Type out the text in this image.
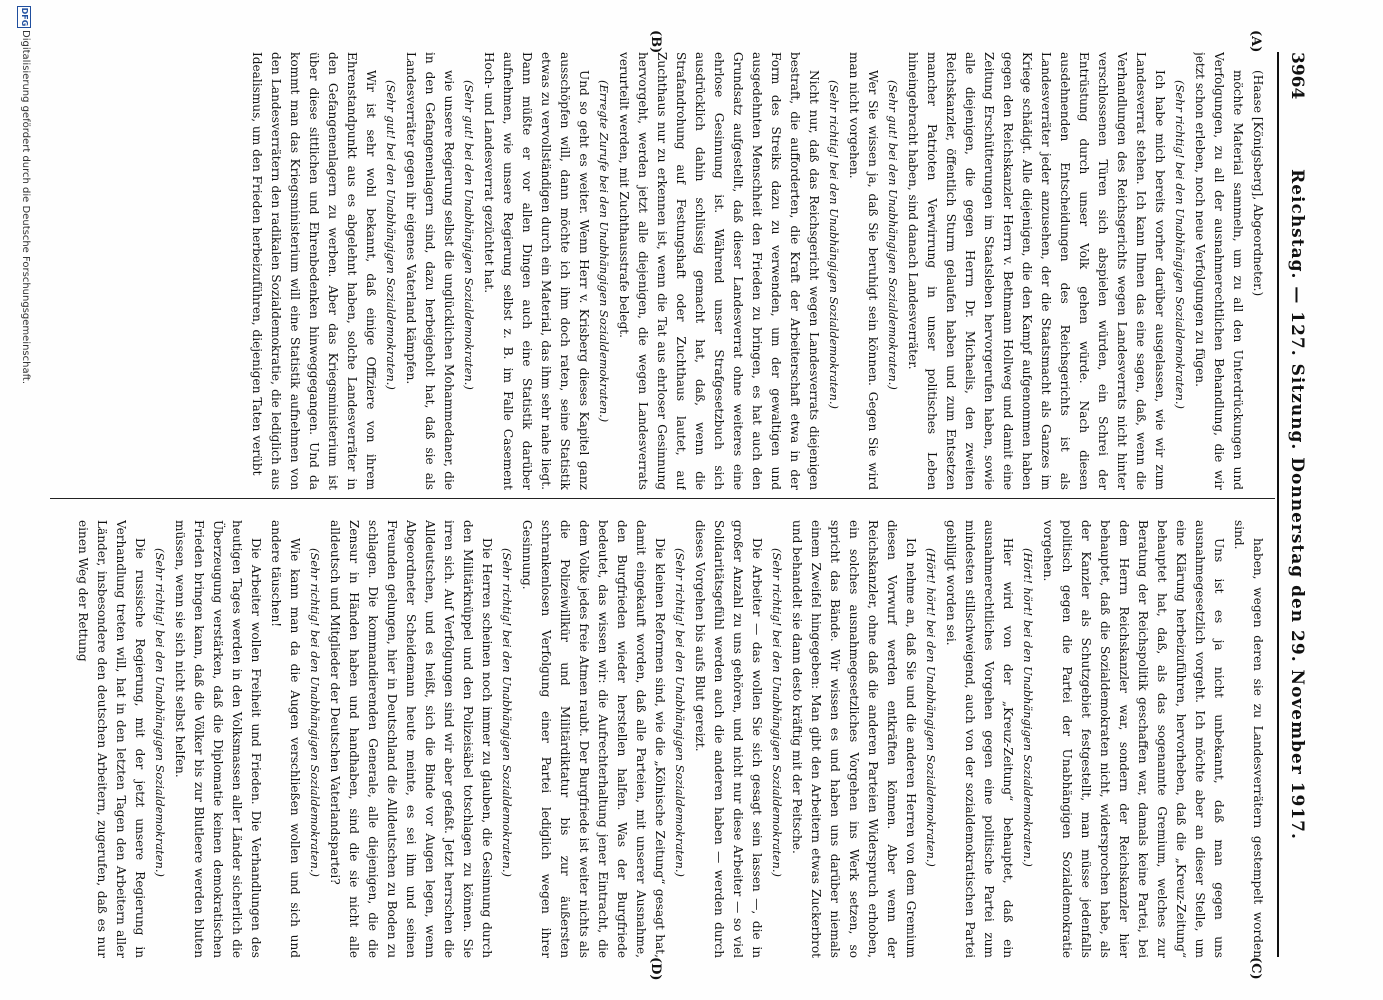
3964
Reichstag. — 127. Sitzung. Donnerstag den 29. November 1917.
(A)
(B)
(C)
(D)

(Haase [Königsberg], Abgeordneter.)

möchte Material sammeln, um zu all den Unterdrückungen und Verfolgungen, zu all der ausnahmerechtlichen Behandlung, die wir jetzt schon erleben, noch neue Verfolgungen zu fügen.

(Sehr richtig! bei den Unabhängigen Sozialdemokraten.)

Ich habe mich bereits vorher darüber ausgelassen, wie wir zum Landesverrat stehen. Ich kann Ihnen das eine sagen, daß, wenn die Verhandlungen des Reichsgerichts wegen Landesverrats nicht hinter verschlossenen Türen sich abspielen würden, ein Schrei der Entrüstung durch unser Volk gehen würde. Nach diesen ausdehnenden Entscheidungen des Reichsgerichts ist als Landesverräter jeder anzusehen, der die Staatsmacht als Ganzes im Kriege schädigt. Alle diejenigen, die den Kampf aufgenommen haben gegen den Reichskanzler Herrn v. Bethmann Hollweg und damit eine Zeitung Erschütterungen im Staatsleben hervorgerufen haben, sowie alle diejenigen, die gegen Herrn Dr. Michaelis, den zweiten Reichskanzler, öffentlich Sturm gelaufen haben und zum Entsetzen mancher Patrioten Verwirrung in unser politisches Leben hineingebracht haben, sind danach Landesverräter.

(Sehr gut! bei den Unabhängigen Sozialdemokraten.)

Wer Sie wissen ja, daß Sie beruhigt sein können. Gegen Sie wird man nicht vorgehen.

(Sehr richtig! bei den Unabhängigen Sozialdemokraten.)

Nicht nur, daß das Reichsgericht wegen Landesverrats diejenigen bestraft, die aufforderten, die Kraft der Arbeiterschaft etwa in der Form des Streiks dazu zu verwenden, um der gewaltigen und ausgedehnten Menschheit den Frieden zu bringen, es hat auch den Grundsatz aufgestellt, daß dieser Landesverrat ohne weiteres eine ehrlose Gesinnung ist. Während unser Strafgesetzbuch sich ausdrücklich dahin schlüssig gemacht hat, daß, wenn die Strafandrohung auf Festungshaft oder Zuchthaus lautet, auf Zuchthaus nur zu erkennen ist, wenn die Tat aus ehrloser Gesinnung hervorgeht, werden jetzt alle diejenigen, die wegen Landesverrats verurteilt werden, mit Zuchthausstrafe belegt.

(Erregte Zurufe bei den Unabhängigen Sozialdemokraten.)

Und so geht es weiter. Wenn Herr v. Krisberg dieses Kapitel ganz ausschöpfen will, dann möchte ich ihm doch raten, seine Statistik etwas zu vervollständigen durch ein Material, das ihm sehr nahe liegt. Dann müßte er vor allen Dingen auch eine Statistik darüber aufnehmen, wie unsere Regierung selbst z. B. im Falle Casement Hoch- und Landesverrat gezüchtet hat.

(Sehr gut! bei den Unabhängigen Sozialdemokraten.)

wie unsere Regierung selbst die unglücklichen Mohammedaner, die in den Gefangenenlagern sind, dazu herbeigeholt hat, daß sie als Landesverräter gegen ihr eigenes Vaterland kämpfen.

(Sehr gut! bei den Unabhängigen Sozialdemokraten.)

Wir ist sehr wohl bekannt, daß einige Offiziere von ihrem Ehrenstandpunkt aus es abgelehnt haben, solche Landesverräter in den Gefangenenlagern zu werben. Aber das Kriegsministerium ist über diese sittlichen und Ehrenbedenken hinweggegangen. Und da kommt man das Kriegsministerium will eine Statistik aufnehmen von den Landesverrätern den radikalen Sozialdemokratie, die lediglich aus Idealismus, um den Frieden herbeizuführen, diejenigen Taten verübt

haben, wegen deren sie zu Landesverrätern gestempelt worden sind.

Uns ist es ja nicht unbekannt, daß man gegen uns ausnahmegesetzlich vorgeht. Ich möchte aber an dieser Stelle, um eine Klärung herbeizuführen, hervorheben, daß die „Kreuz-Zeitung“ behauptet hat, daß, als das sogenannte Gremium, welches zur Beratung der Reichspolitik geschaffen war, damals keine Partei, bei dem Herrn Reichskanzler war, sondern der Reichskanzler hier behauptet, daß die Sozialdemokraten nicht, widersprochen habe, als der Kanzler als Schutzgebiet festgestellt, man müsse jedenfalls politisch gegen die Partei der Unabhängigen Sozialdemokratie vorgehen.

(Hört! hört! bei den Unabhängigen Sozialdemokraten.)

Hier wird von der „Kreuz-Zeitung“ behauptet, daß ein ausnahmerechtliches Vorgehen gegen eine politische Partei zum mindesten stillschweigend, auch von der sozialdemokratischen Partei gebilligt worden sei.

(Hört! hört! bei den Unabhängigen Sozialdemokraten.)

Ich nehme an, daß Sie und die anderen Herren von dem Gremium diesen Vorwurf werden entkräften können. Aber wenn der Reichskanzler, ohne daß die anderen Parteien Widerspruch erhoben, ein solches ausnahmegesetzliches Vorgehen ins Werk setzen, so spricht das Bände. Wir wissen es und haben uns darüber niemals einem Zweifel hingegeben: Man gibt den Arbeitern etwas Zuckerbrot und behandelt sie dann desto kräftig mit der Peitsche.

(Sehr richtig! bei den Unabhängigen Sozialdemokraten.)

Die Arbeiter — das wollen Sie sich gesagt sein lassen —, die in großer Anzahl zu uns gehören, und nicht nur diese Arbeiter — so viel Solidaritätsgefühl werden auch die anderen haben — werden durch dieses Vorgehen bis aufs Blut gereizt.

(Sehr richtig! bei den Unabhängigen Sozialdemokraten.)

Die kleinen Reformen sind, wie die „Kölnische Zeitung“ gesagt hat, damit eingekauft worden, daß alle Parteien, mit unserer Ausnahme, den Burgfrieden wieder herstellen halfen. Was der Burgfriede bedeutet, das wissen wir: die Aufrechterhaltung jener Eintracht, die dem Volke jedes freie Atmen raubt. Der Burgfriede ist weiter nichts als die Polizeiwillkür und Militärdiktatur bis zur äußersten schrankenlosen Verfolgung einer Partei lediglich wegen ihrer Gesinnung.

(Sehr richtig! bei den Unabhängigen Sozialdemokraten.)

Die Herren scheinen noch immer zu glauben, die Gesinnung durch den Militärknüppel und den Polizeisäbel totschlagen zu können. Sie irren sich. Auf Verfolgungen sind wir aber gefaßt. Jetzt herrschen die Alldeutschen, und es heißt, sich die Binde vor Augen legen, wenn Abgeordneter Scheidemann heute meinte, es sei ihm und seinen Freunden gelungen, hier in Deutschland die Alldeutschen zu Boden zu schlagen. Die kommandierenden Generale, alle diejenigen, die die Zensur in Händen haben und handhaben, sind die sie nicht alle alldeutsch und Mitglieder der Deutschen Vaterlandspartei?

(Sehr richtig! bei den Unabhängigen Sozialdemokraten.)

Wie kann man da die Augen verschließen wollen und sich und andere täuschen!

Die Arbeiter wollen Freiheit und Frieden. Die Verhandlungen des heutigen Tages werden in den Volksmassen aller Länder sicherlich die Überzeugung verstärken, daß die Diplomatie keinen demokratischen Frieden bringen kann, daß die Völker bis zur Blutleere werden bluten müssen, wenn sie sich nicht selbst helfen.

(Sehr richtig! bei den Unabhängigen Sozialdemokraten.)

Die russische Regierung, mit der jetzt unsere Regierung in Verhandlung treten will, hat in den letzten Tagen den Arbeitern aller Länder, insbesondere den deutschen Arbeitern, zugerufen, daß es nur einen Weg der Rettung

DFG
Digitalisierung gefördert durch die Deutsche Forschungsgemeinschaft.
